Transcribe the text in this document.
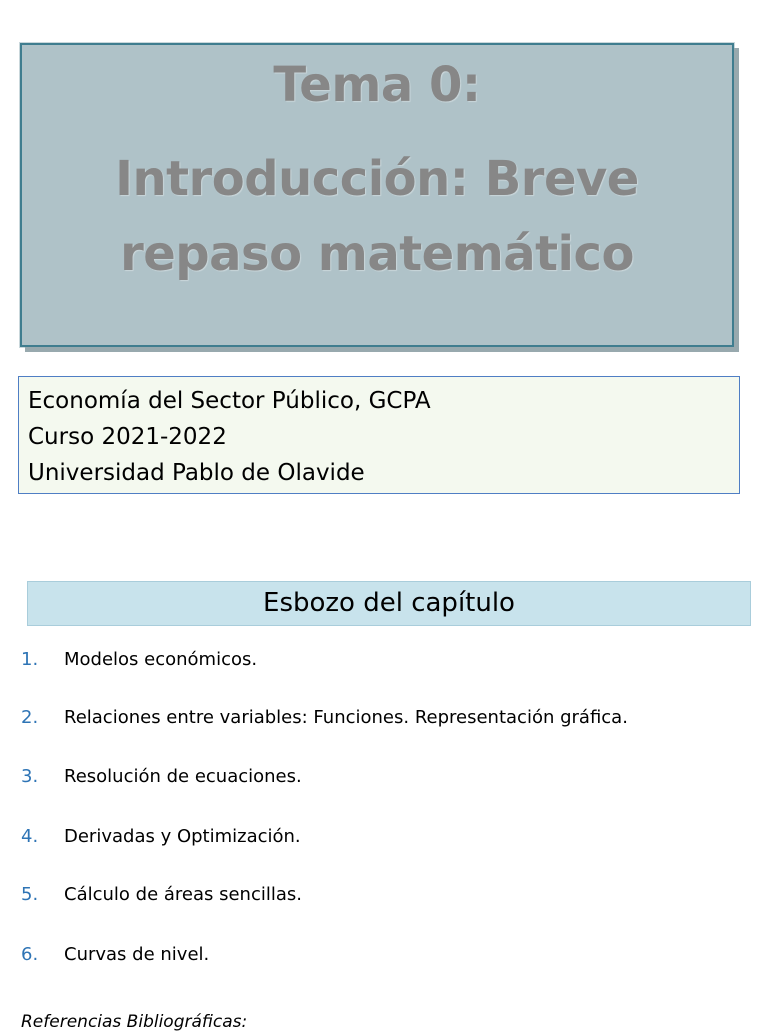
Tema 0:
Introducción: Breve
repaso matemático
Economía del Sector Público, GCPA
Curso 2021-2022
Universidad Pablo de Olavide
Esbozo del capítulo
1.	Modelos económicos.
2.	Relaciones entre variables: Funciones. Representación gráfica.
3.	Resolución de ecuaciones.
4.	Derivadas y Optimización.
5.	Cálculo de áreas sencillas.
6.	Curvas de nivel.
Referencias Bibliográficas:
